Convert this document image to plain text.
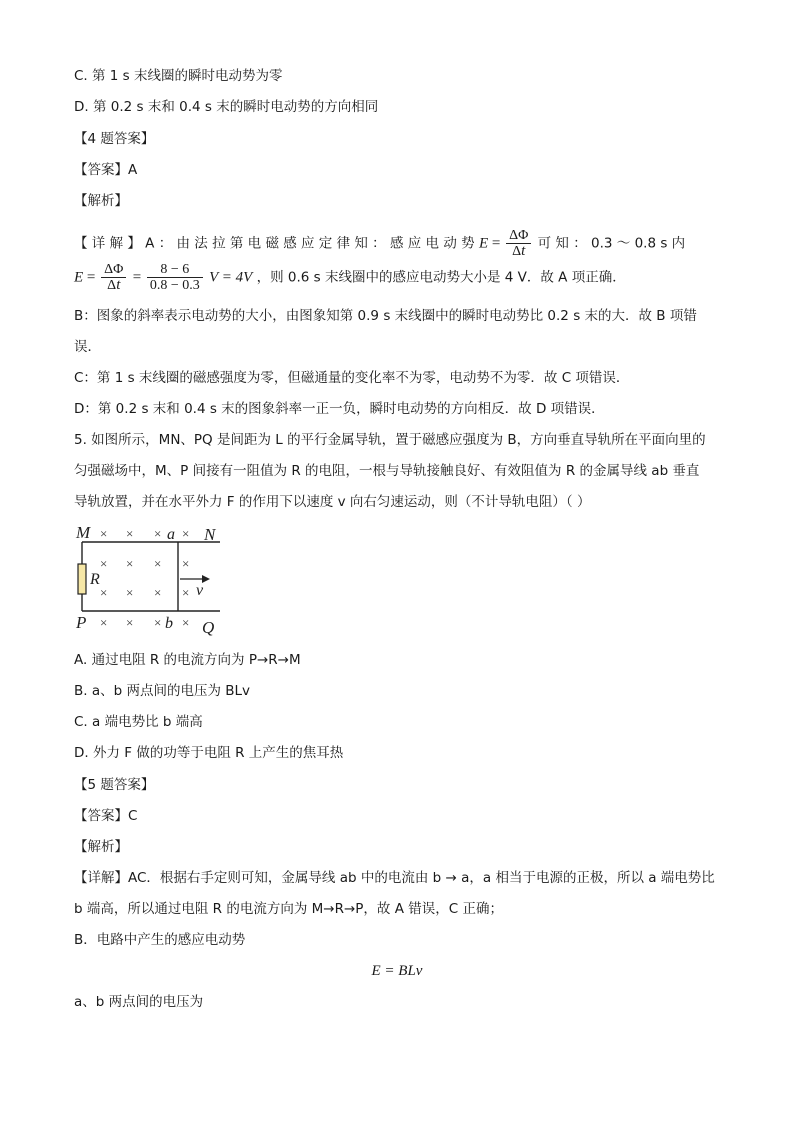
C. 第 1 s 末线圈的瞬时电动势为零
D. 第 0.2 s 末和 0.4 s 末的瞬时电动势的方向相同
【4 题答案】
【答案】A
【解析】
【 详 解 】 A ： 由 法 拉 第 电 磁 感 应 定 律 知 ： 感 应 电 动 势 $E = \frac{\Delta\Phi}{\Delta t}$ 可 知 ： 0.3 ～ 0.8 s 内
$E = \frac{\Delta\Phi}{\Delta t} = \frac{8 - 6}{0.8 - 0.3}$ V = 4V ，则 0.6 s 末线圈中的感应电动势大小是 4 V．故 A 项正确．
B：图象的斜率表示电动势的大小，由图象知第 0.9 s 末线圈中的瞬时电动势比 0.2 s 末的大．故 B 项错
误．
C：第 1 s 末线圈的磁感强度为零，但磁通量的变化率不为零，电动势不为零．故 C 项错误．
D：第 0.2 s 末和 0.4 s 末的图象斜率一正一负，瞬时电动势的方向相反．故 D 项错误．
5. 如图所示，MN、PQ 是间距为 L 的平行金属导轨，置于磁感应强度为 B，方向垂直导轨所在平面向里的
匀强磁场中，M、P 间接有一阻值为 R 的电阻，一根与导轨接触良好、有效阻值为 R 的金属导线 ab 垂直
导轨放置，并在水平外力 F 的作用下以速度 v 向右匀速运动，则（不计导轨电阻）（ ）
M	N
P	Q
a
b
R
v
× × × ×
× × ×
×
× × × ×
× × × ×
A. 通过电阻 R 的电流方向为 P→R→M
B. a、b 两点间的电压为 BLv
C. a 端电势比 b 端高
D. 外力 F 做的功等于电阻 R 上产生的焦耳热
【5 题答案】
【答案】C
【解析】
【详解】AC．根据右手定则可知，金属导线 ab 中的电流由 b → a，a 相当于电源的正极，所以 a 端电势比
b 端高，所以通过电阻 R 的电流方向为 M→R→P，故 A 错误，C 正确；
B．电路中产生的感应电动势
E = BLv
a、b 两点间的电压为
